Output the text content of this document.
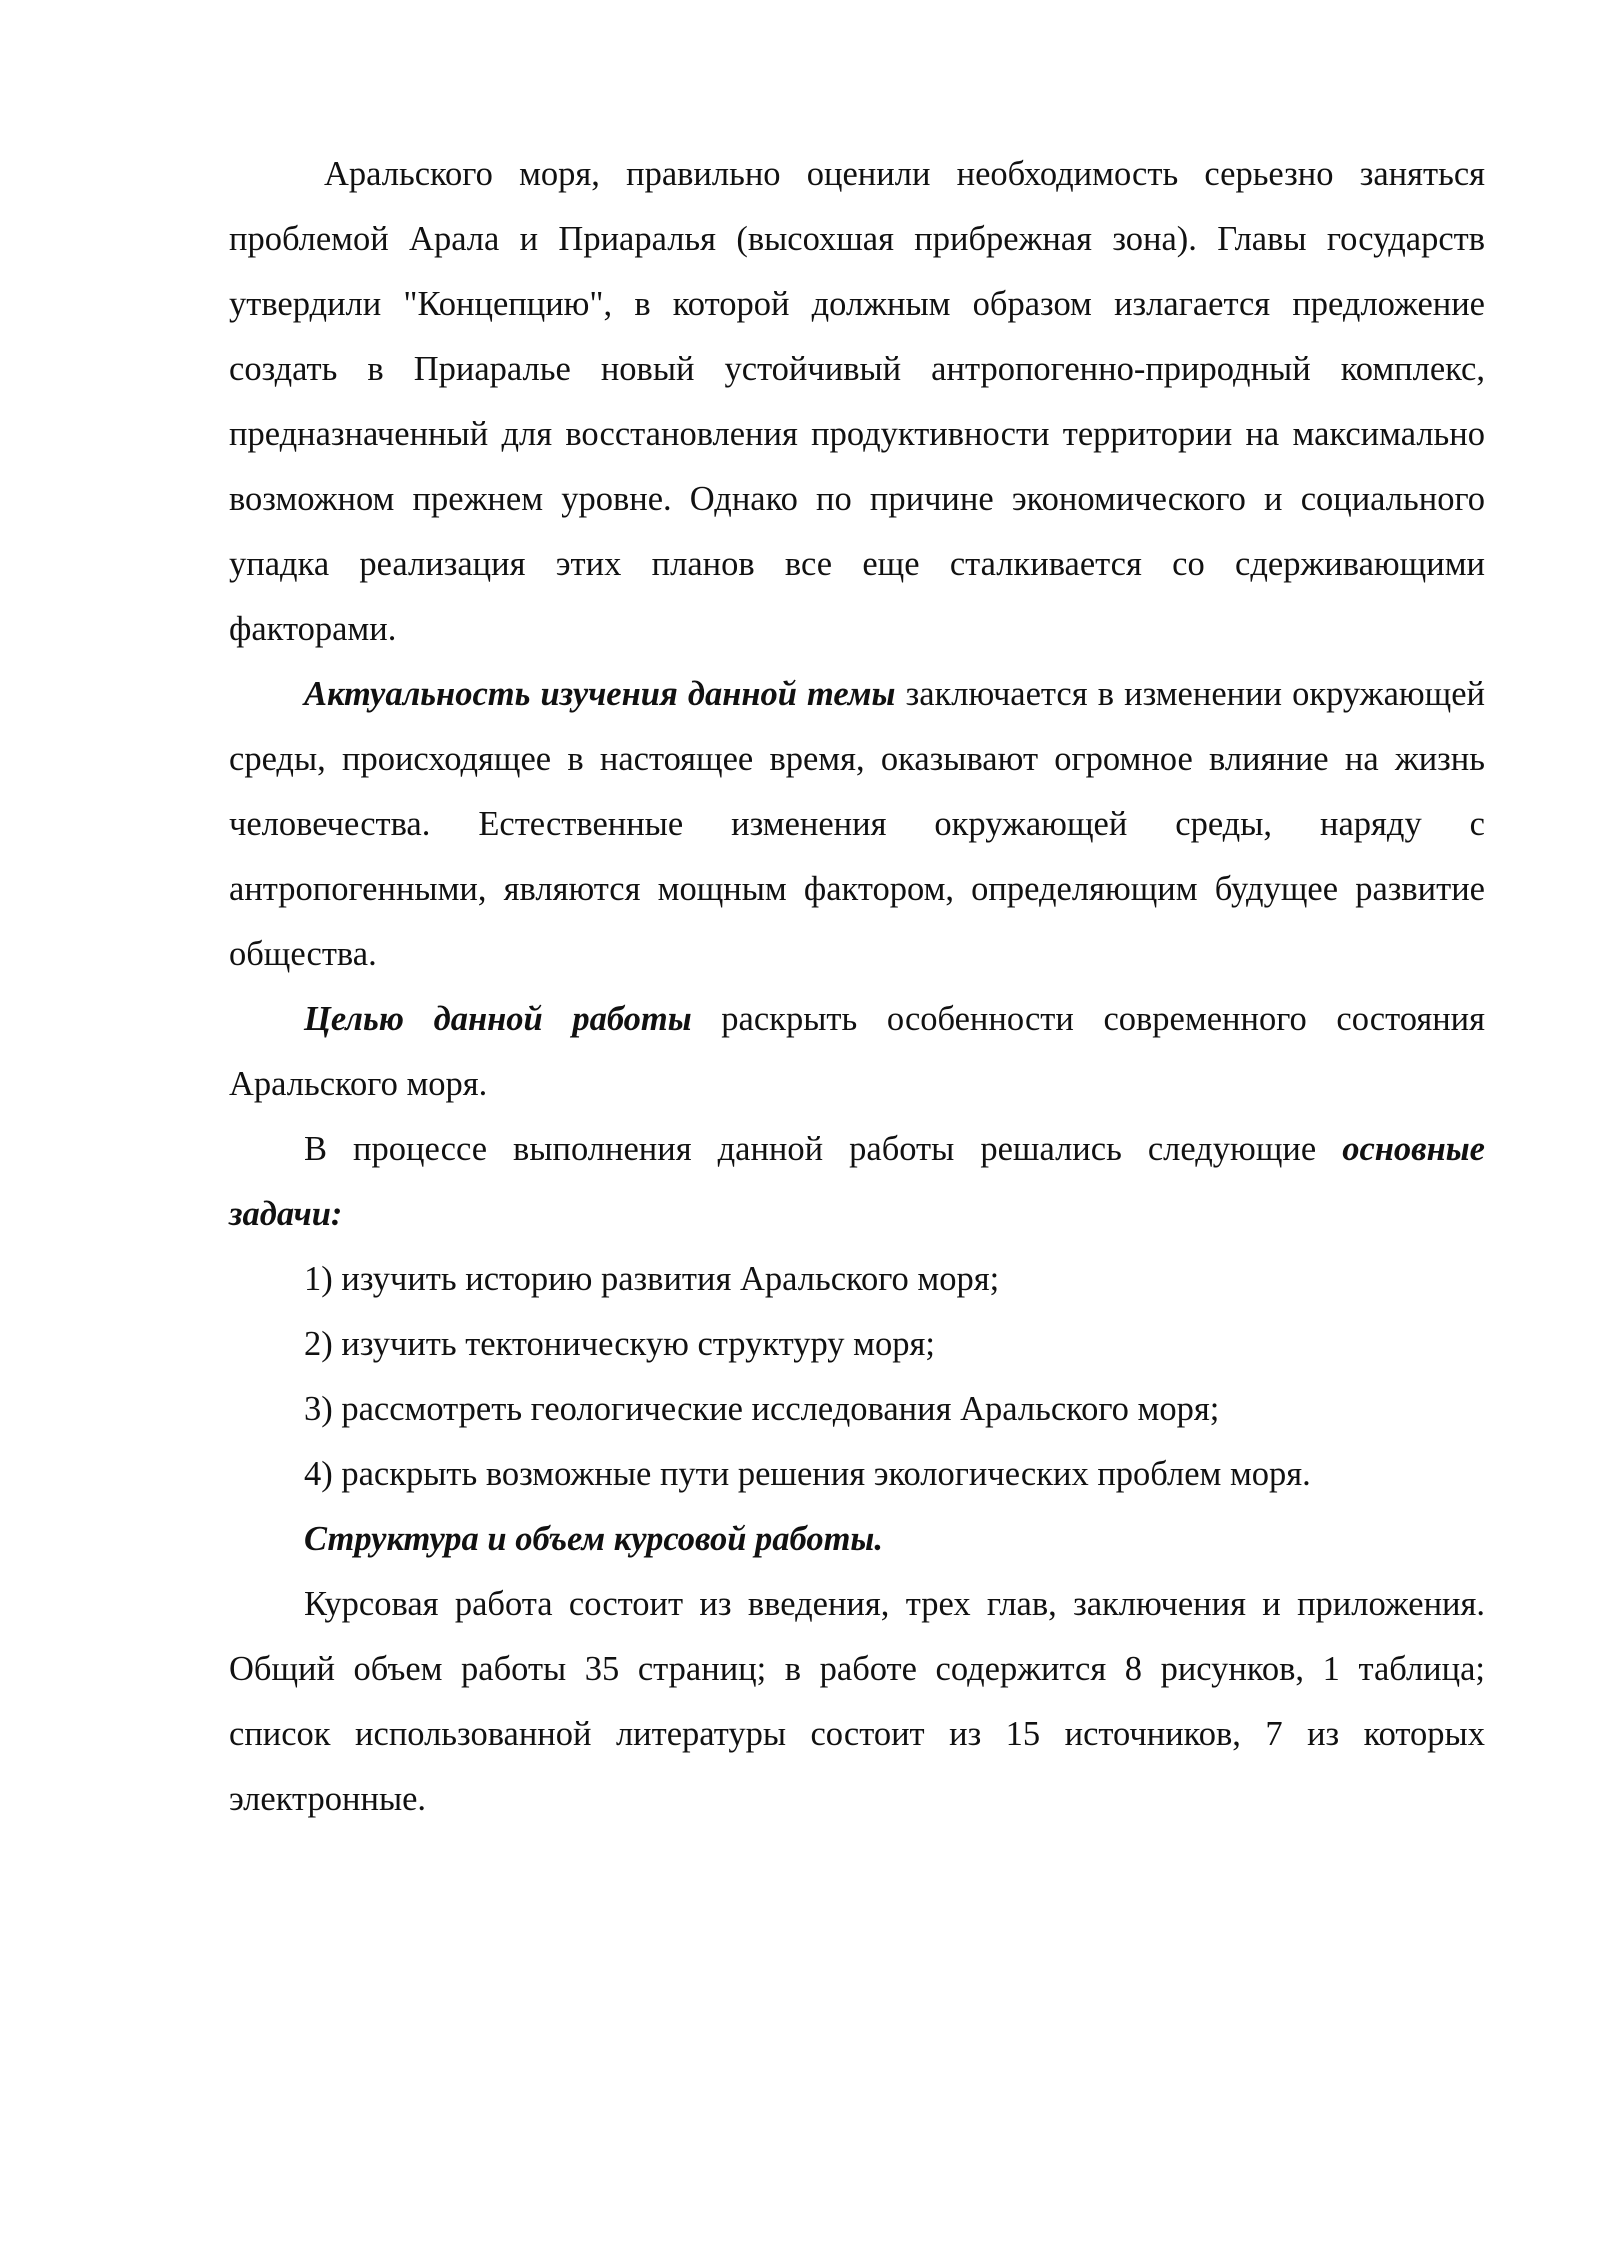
Аральского моря, правильно оценили необходимость серьезно заняться проблемой Арала и Приаралья (высохшая прибрежная зона). Главы государств утвердили "Концепцию", в которой должным образом излагается предложение создать в Приаралье новый устойчивый антропогенно-природный комплекс, предназначенный для восстановления продуктивности территории на максимально возможном прежнем уровне. Однако по причине экономического и социального упадка реализация этих планов все еще сталкивается со сдерживающими факторами.

Актуальность изучения данной темы заключается в изменении окружающей среды, происходящее в настоящее время, оказывают огромное влияние на жизнь человечества. Естественные изменения окружающей среды, наряду с антропогенными, являются мощным фактором, определяющим будущее развитие общества.

Целью данной работы раскрыть особенности современного состояния Аральского моря.

В процессе выполнения данной работы решались следующие основные задачи:

1) изучить историю развития Аральского моря;

2) изучить тектоническую структуру моря;

3) рассмотреть геологические исследования Аральского моря;

4) раскрыть возможные пути решения экологических проблем моря.

Структура и объем курсовой работы.

Курсовая работа состоит из введения, трех глав, заключения и приложения. Общий объем работы 35 страниц; в работе содержится 8 рисунков, 1 таблица; список использованной литературы состоит из 15 источников, 7 из которых электронные.
